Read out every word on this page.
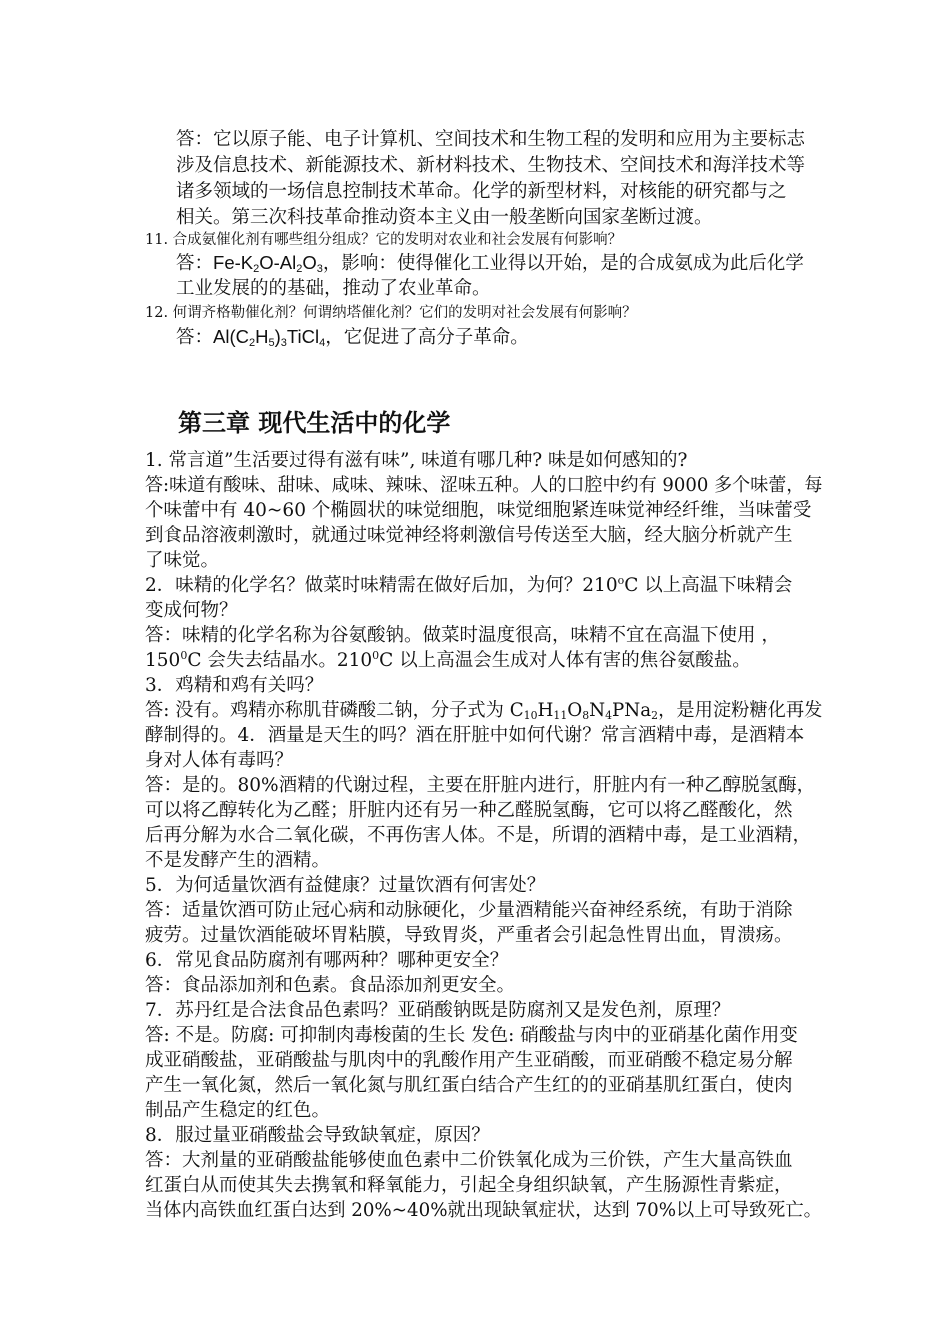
答：它以原子能、电子计算机、空间技术和生物工程的发明和应用为主要标志
涉及信息技术、新能源技术、新材料技术、生物技术、空间技术和海洋技术等
诸多领域的一场信息控制技术革命。化学的新型材料，对核能的研究都与之
相关。第三次科技革命推动资本主义由一般垄断向国家垄断过渡。
11. 合成氨催化剂有哪些组分组成？它的发明对农业和社会发展有何影响？
答：$Fe-K_2O-Al_2O_3$，影响：使得催化工业得以开始，是的合成氨成为此后化学
工业发展的的基础，推动了农业革命。
12. 何谓齐格勒催化剂？何谓纳塔催化剂？它们的发明对社会发展有何影响？
答：$Al(C_2H_5)_3TiCl_4$，它促进了高分子革命。
第三章 现代生活中的化学
1. 常言道”生活要过得有滋有味”, 味道有哪几种? 味是如何感知的?
答:味道有酸味、甜味、咸味、辣味、涩味五种。人的口腔中约有 9000 多个味蕾，每
个味蕾中有 40~60 个椭圆状的味觉细胞，味觉细胞紧连味觉神经纤维，当味蕾受
到食品溶液刺激时，就通过味觉神经将刺激信号传送至大脑，经大脑分析就产生
了味觉。
2．味精的化学名？做菜时味精需在做好后加，为何？210$^o$C 以上高温下味精会
变成何物？
答：味精的化学名称为谷氨酸钠。做菜时温度很高，味精不宜在高温下使用 ，
$150^0C$ 会失去结晶水。$210^0C$ 以上高温会生成对人体有害的焦谷氨酸盐。
3．鸡精和鸡有关吗？
答: 没有。鸡精亦称肌苷磷酸二钠，分子式为 $C_{10}H_{11}O_8N_4PNa_2$，是用淀粉糖化再发
酵制得的。4．酒量是天生的吗？酒在肝脏中如何代谢？常言酒精中毒，是酒精本
身对人体有毒吗？
答：是的。80%酒精的代谢过程，主要在肝脏内进行，肝脏内有一种乙醇脱氢酶，
可以将乙醇转化为乙醛；肝脏内还有另一种乙醛脱氢酶，它可以将乙醛酸化，然
后再分解为水合二氧化碳，不再伤害人体。不是，所谓的酒精中毒，是工业酒精，
不是发酵产生的酒精。
5．为何适量饮酒有益健康？过量饮酒有何害处？
答：适量饮酒可防止冠心病和动脉硬化，少量酒精能兴奋神经系统，有助于消除
疲劳。过量饮酒能破坏胃粘膜，导致胃炎，严重者会引起急性胃出血，胃溃疡。
6．常见食品防腐剂有哪两种？哪种更安全？
答：食品添加剂和色素。食品添加剂更安全。
7．苏丹红是合法食品色素吗？亚硝酸钠既是防腐剂又是发色剂，原理？
答: 不是。防腐: 可抑制肉毒梭菌的生长 发色: 硝酸盐与肉中的亚硝基化菌作用变
成亚硝酸盐，亚硝酸盐与肌肉中的乳酸作用产生亚硝酸，而亚硝酸不稳定易分解
产生一氧化氮，然后一氧化氮与肌红蛋白结合产生红的的亚硝基肌红蛋白，使肉
制品产生稳定的红色。
8．服过量亚硝酸盐会导致缺氧症，原因？
答：大剂量的亚硝酸盐能够使血色素中二价铁氧化成为三价铁，产生大量高铁血
红蛋白从而使其失去携氧和释氧能力，引起全身组织缺氧，产生肠源性青紫症，
当体内高铁血红蛋白达到 20%~40%就出现缺氧症状，达到 70%以上可导致死亡。
